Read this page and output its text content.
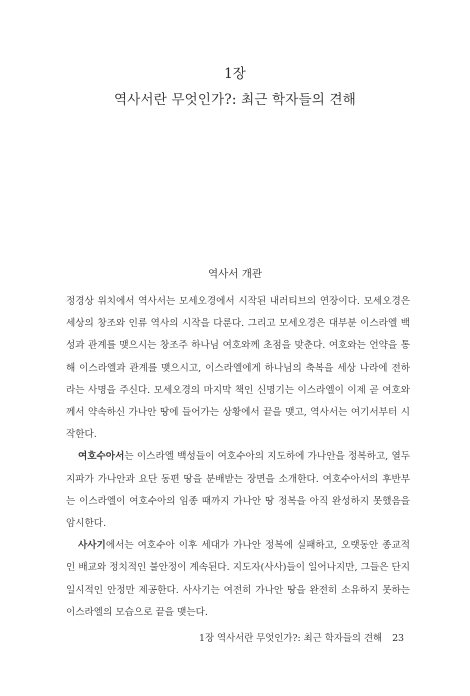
1장
역사서란 무엇인가?: 최근 학자들의 견해
역사서 개관

정경상 위치에서 역사서는 모세오경에서 시작된 내러티브의 연장이다. 모세오경은 세상의 창조와 인류 역사의 시작을 다룬다. 그리고 모세오경은 대부분 이스라엘 백성과 관계를 맺으시는 창조주 하나님 여호와께 초점을 맞춘다. 여호와는 언약을 통해 이스라엘과 관계를 맺으시고, 이스라엘에게 하나님의 축복을 세상 나라에 전하라는 사명을 주신다. 모세오경의 마지막 책인 신명기는 이스라엘이 이제 곧 여호와께서 약속하신 가나안 땅에 들어가는 상황에서 끝을 맺고, 역사서는 여기서부터 시작한다.

여호수아서는 이스라엘 백성들이 여호수아의 지도하에 가나안을 정복하고, 열두 지파가 가나안과 요단 동편 땅을 분배받는 장면을 소개한다. 여호수아서의 후반부는 이스라엘이 여호수아의 임종 때까지 가나안 땅 정복을 아직 완성하지 못했음을 암시한다.

사사기에서는 여호수아 이후 세대가 가나안 정복에 실패하고, 오랫동안 종교적인 배교와 정치적인 불안정이 계속된다. 지도자(사사)들이 일어나지만, 그들은 단지 일시적인 안정만 제공한다. 사사기는 여전히 가나안 땅을 완전히 소유하지 못하는 이스라엘의 모습으로 끝을 맺는다.

1장 역사서란 무엇인가?: 최근 학자들의 견해 23
